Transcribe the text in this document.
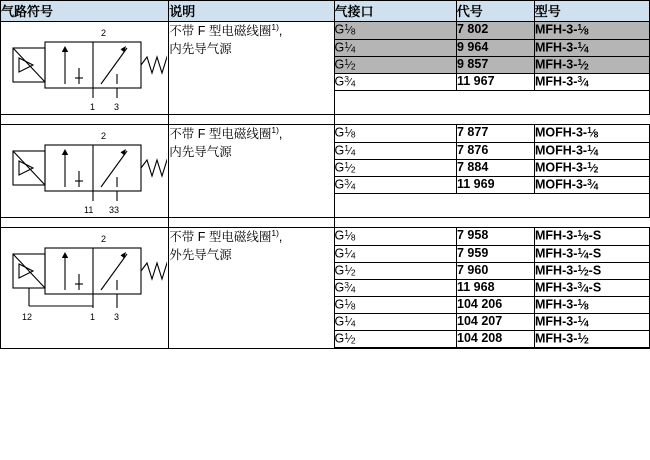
气路符号	说明	气接口	代号	型号

2
1 3
	不带 F 型电磁线圈$^{1)}$,
内先导气源	
$G^1⁄8$	7 802	MFH-3-$^1$⁄8
$G^1⁄4$	9 964	MFH-3-$^1$⁄4
$G^1⁄2$	9 857	MFH-3-$^1$⁄2
$G^3⁄4$	11 967	MFH-3-$^3$⁄4

2
11 33
	不带 F 型电磁线圈$^{1)}$,
内先导气源	
$G^1⁄8$	7 877	MOFH-3-$^1$⁄8
$G^1⁄4$	7 876	MOFH-3-$^1$⁄4
$G^1⁄2$	7 884	MOFH-3-$^1$⁄2
$G^3⁄4$	11 969	MOFH-3-$^3$⁄4

2
12	1 3
	不带 F 型电磁线圈$^{1)}$,
外先导气源	
$G^1⁄8$	7 958	MFH-3-$^1$⁄8-S
$G^1⁄4$	7 959	MFH-3-$^1$⁄4-S
$G^1⁄2$	7 960	MFH-3-$^1$⁄2-S
$G^3⁄4$	11 968	MFH-3-$^3$⁄4-S
$G^1⁄8$	104 206	MFH-3-$^1$⁄8
$G^1⁄4$	104 207	MFH-3-$^1$⁄4
$G^1⁄2$	104 208	MFH-3-$^1$⁄2
